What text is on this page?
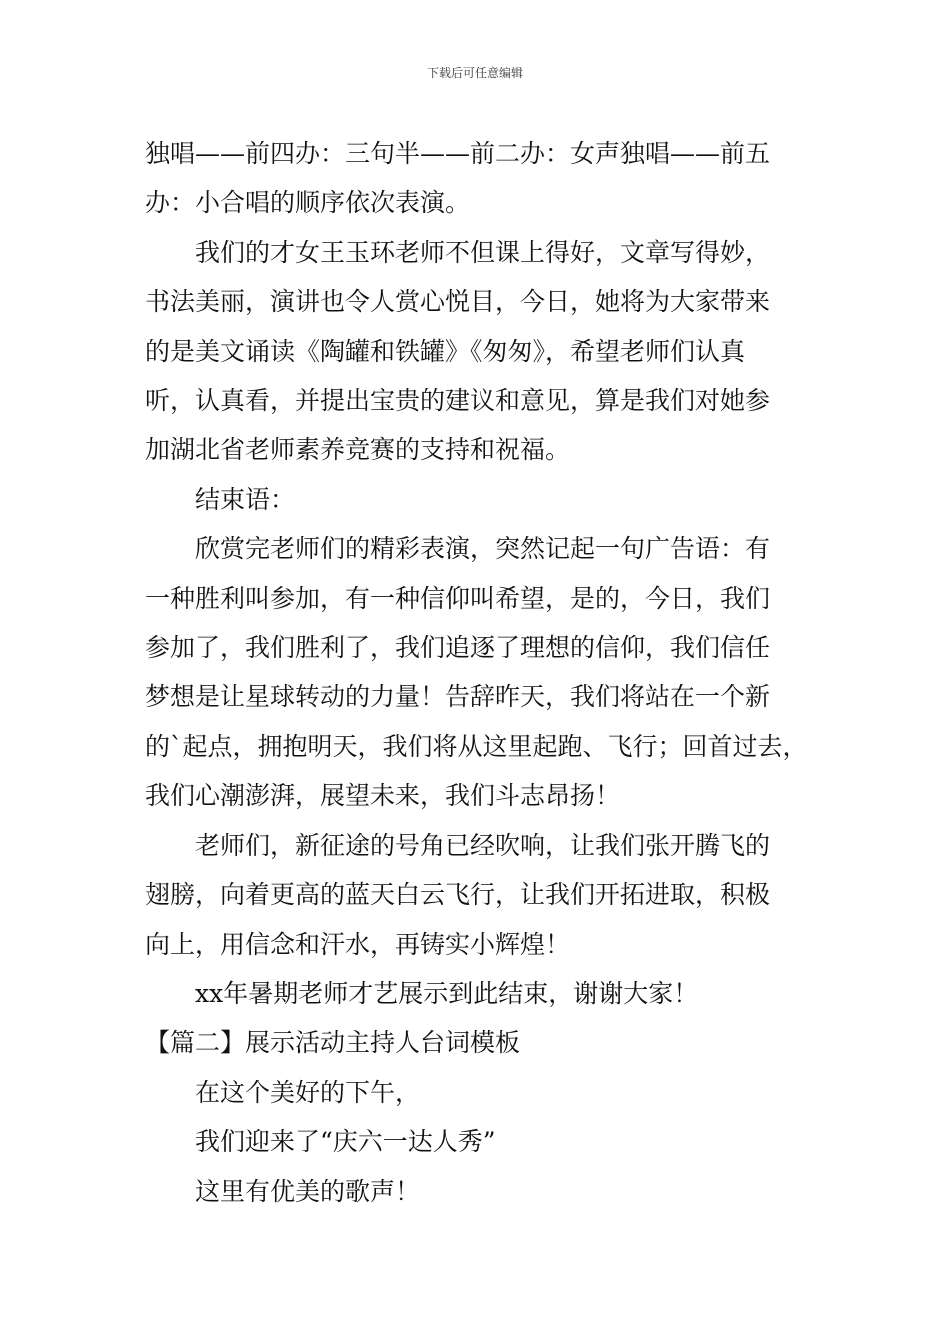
下载后可任意编辑
独唱——前四办：三句半——前二办：女声独唱——前五
办：小合唱的顺序依次表演。
我们的才女王玉环老师不但课上得好，文章写得妙，
书法美丽，演讲也令人赏心悦目，今日，她将为大家带来
的是美文诵读《陶罐和铁罐》《匆匆》，希望老师们认真
听，认真看，并提出宝贵的建议和意见，算是我们对她参
加湖北省老师素养竞赛的支持和祝福。
结束语：
欣赏完老师们的精彩表演，突然记起一句广告语：有
一种胜利叫参加，有一种信仰叫希望，是的，今日，我们
参加了，我们胜利了，我们追逐了理想的信仰，我们信任
梦想是让星球转动的力量！告辞昨天，我们将站在一个新
的`起点，拥抱明天，我们将从这里起跑、飞行；回首过去，
我们心潮澎湃，展望未来，我们斗志昂扬！
老师们，新征途的号角已经吹响，让我们张开腾飞的
翅膀，向着更高的蓝天白云飞行，让我们开拓进取，积极
向上，用信念和汗水，再铸实小辉煌！
xx年暑期老师才艺展示到此结束，谢谢大家！
【篇二】展示活动主持人台词模板
在这个美好的下午，
我们迎来了“庆六一达人秀”
这里有优美的歌声！
